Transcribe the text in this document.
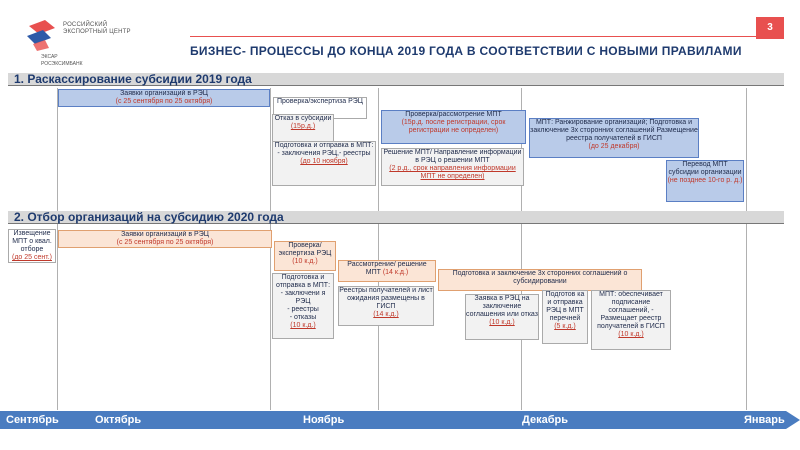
РОССИЙСКИЙ
ЭКСПОРТНЫЙ ЦЕНТР
ЭКСАР
РОСЭКСИМБАНК
3
БИЗНЕС- ПРОЦЕССЫ ДО КОНЦА 2019 ГОДА В СООТВЕТСТВИИ С НОВЫМИ ПРАВИЛАМИ
1. Раскассирование субсидии 2019 года
Заявки организаций в РЭЦ
(с 25 сентября по 25 октября)	Проверка/экспертиза РЭЦ
Отказ в субсидии
(15р.д.)
Подготовка и отправка в МПТ:
- заключения РЭЦ,- реестры
(до 10 ноября)
Проверка/рассмотрение МПТ
(15р.д. после регистрации, срок регистрации не определен)
Решение МПТ/ Направление информации в РЭЦ о решении МПТ
(2 р.д., срок направления информации МПТ не определен)
МПТ: Ранжирование организаций; Подготовка и заключение 3х сторонних соглашений Размещение реестра получателей в ГИСП
(до 25 декабря)
Перевод МПТ субсидии организации
(не позднее 10-го р. д.)
2. Отбор организаций на субсидию 2020 года
Извещение МПТ о квал. отборе
(до 25 сент.)
Заявки организаций в РЭЦ
(с 25 сентября по 25 октября)	Проверка/ экспертиза РЭЦ
(10 к.д.)
Подготовка и отправка в МПТ:
- заключени я РЭЦ
- реестры
- отказы
(10 к.д.)
Рассмотрение/ решение МПТ (14 к.д.)
Реестры получателей и лист ожидания размещены в ГИСП
(14 к.д.)
Подготовка и заключение 3х сторонних соглашений о субсидировании
Заявка в РЭЦ на заключение соглашения или отказ
(10 к.д.)
Подготов ка и отправка РЭЦ в МПТ перечней
(5 к.д.)
МПТ: обеспечивает подписание соглашений, - Размещает реестр получателей в ГИСП
(10 к.д.)
Сентябрь	Октябрь	Ноябрь	Декабрь	Январь
